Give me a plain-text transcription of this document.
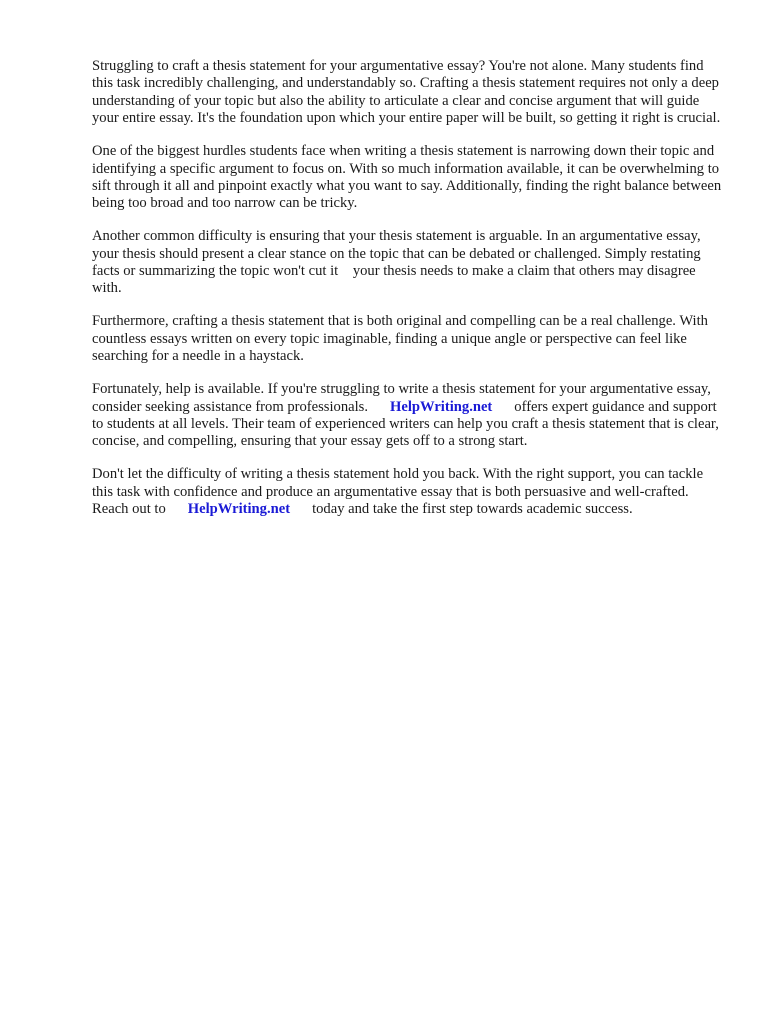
Struggling to craft a thesis statement for your argumentative essay? You're not alone. Many students find this task incredibly challenging, and understandably so. Crafting a thesis statement requires not only a deep understanding of your topic but also the ability to articulate a clear and concise argument that will guide your entire essay. It's the foundation upon which your entire paper will be built, so getting it right is crucial.

One of the biggest hurdles students face when writing a thesis statement is narrowing down their topic and identifying a specific argument to focus on. With so much information available, it can be overwhelming to sift through it all and pinpoint exactly what you want to say. Additionally, finding the right balance between being too broad and too narrow can be tricky.

Another common difficulty is ensuring that your thesis statement is arguable. In an argumentative essay, your thesis should present a clear stance on the topic that can be debated or challenged. Simply restating facts or summarizing the topic won't cut it your thesis needs to make a claim that others may disagree with.

Furthermore, crafting a thesis statement that is both original and compelling can be a real challenge. With countless essays written on every topic imaginable, finding a unique angle or perspective can feel like searching for a needle in a haystack.

Fortunately, help is available. If you're struggling to write a thesis statement for your argumentative essay, consider seeking assistance from professionals. HelpWriting.net offers expert guidance and support to students at all levels. Their team of experienced writers can help you craft a thesis statement that is clear, concise, and compelling, ensuring that your essay gets off to a strong start.

Don't let the difficulty of writing a thesis statement hold you back. With the right support, you can tackle this task with confidence and produce an argumentative essay that is both persuasive and well-crafted. Reach out to HelpWriting.net today and take the first step towards academic success.
